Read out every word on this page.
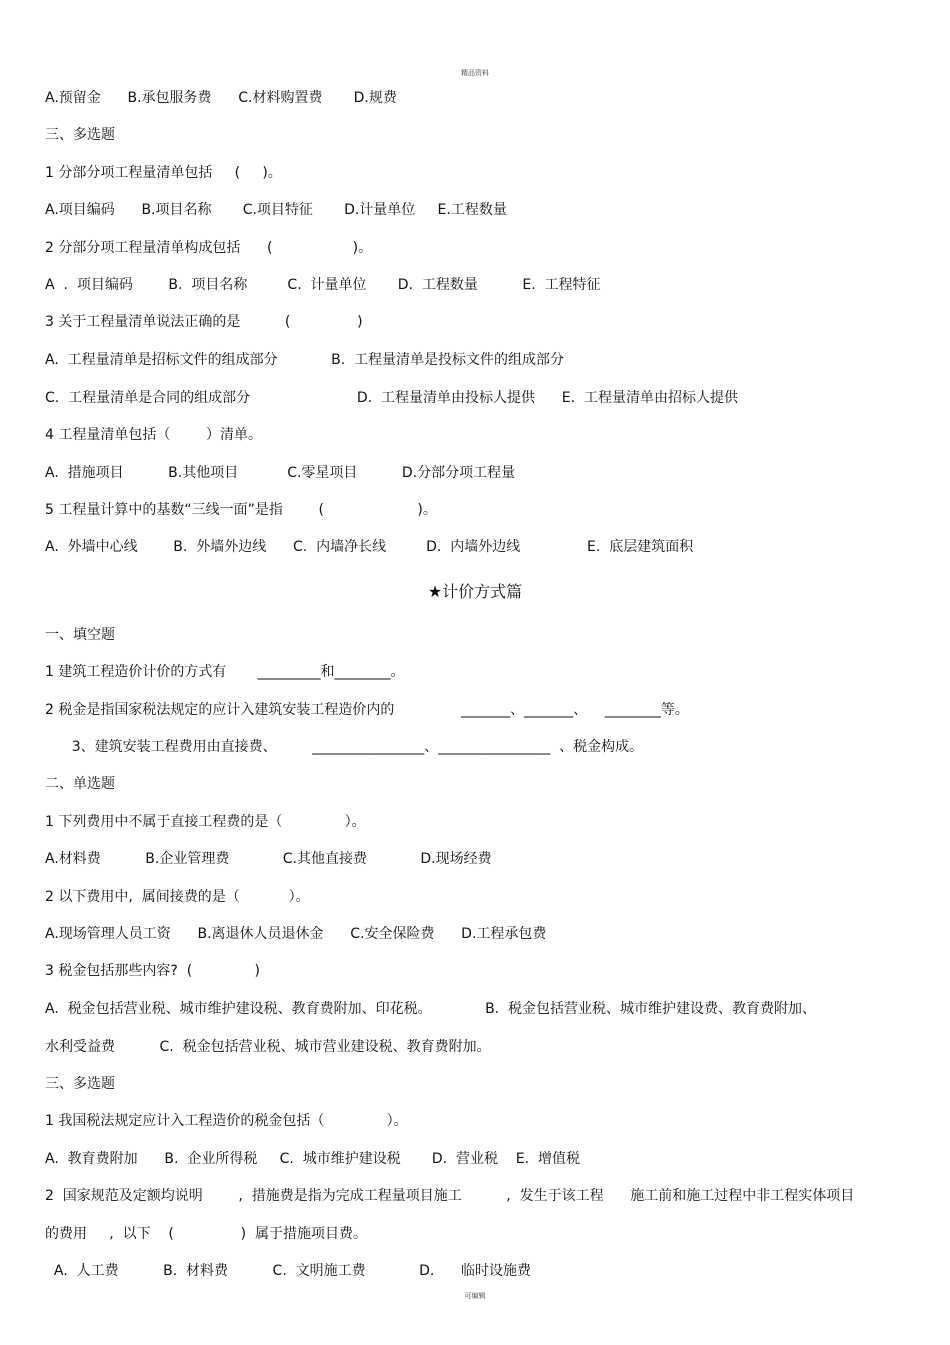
精品资料
A.预留金      B.承包服务费      C.材料购置费       D.规费
三、多选题
1 分部分项工程量清单包括     (     )。
A.项目编码      B.项目名称       C.项目特征       D.计量单位     E.工程数量
2 分部分项工程量清单构成包括      (                  )。
A  .  项目编码        B.  项目名称         C.  计量单位       D.  工程数量          E.  工程特征
3 关于工程量清单说法正确的是          (               )
A.  工程量清单是招标文件的组成部分            B.  工程量清单是投标文件的组成部分
C.  工程量清单是合同的组成部分                        D.  工程量清单由投标人提供      E.  工程量清单由招标人提供
4 工程量清单包括（        ）清单。
A.  措施项目          B.其他项目           C.零星项目          D.分部分项工程量
5 工程量计算中的基数“三线一面”是指        (                     )。
A.  外墙中心线        B.  外墙外边线      C.  内墙净长线         D.  内墙外边线               E.  底层建筑面积
★计价方式篇
一、填空题
1 建筑工程造价计价的方式有       _________和________。
2 税金是指国家税法规定的应计入建筑安装工程造价内的               _______、_______、    ________等。
3、建筑安装工程费用由直接费、        ________________、________________  、税金构成。
二、单选题
1 下列费用中不属于直接工程费的是（              ）。
A.材料费          B.企业管理费            C.其他直接费            D.现场经费
2 以下费用中,  属间接费的是（           ）。
A.现场管理人员工资      B.离退休人员退休金      C.安全保险费      D.工程承包费
3 税金包括那些内容?  (              )
A.  税金包括营业税、城市维护建设税、教育费附加、印花税。            B.  税金包括营业税、城市维护建设费、教育费附加、
水利受益费          C.  税金包括营业税、城市营业建设税、教育费附加。
三、多选题
1 我国税法规定应计入工程造价的税金包括（              ）。
A.  教育费附加      B.  企业所得税     C.  城市维护建设税       D.  营业税    E.  增值税
2  国家规范及定额均说明        ,  措施费是指为完成工程量项目施工          ,  发生于该工程      施工前和施工过程中非工程实体项目
的费用     ,  以下    (               )  属于措施项目费。
A.  人工费          B.  材料费          C.  文明施工费            D.      临时设施费
可编辑
